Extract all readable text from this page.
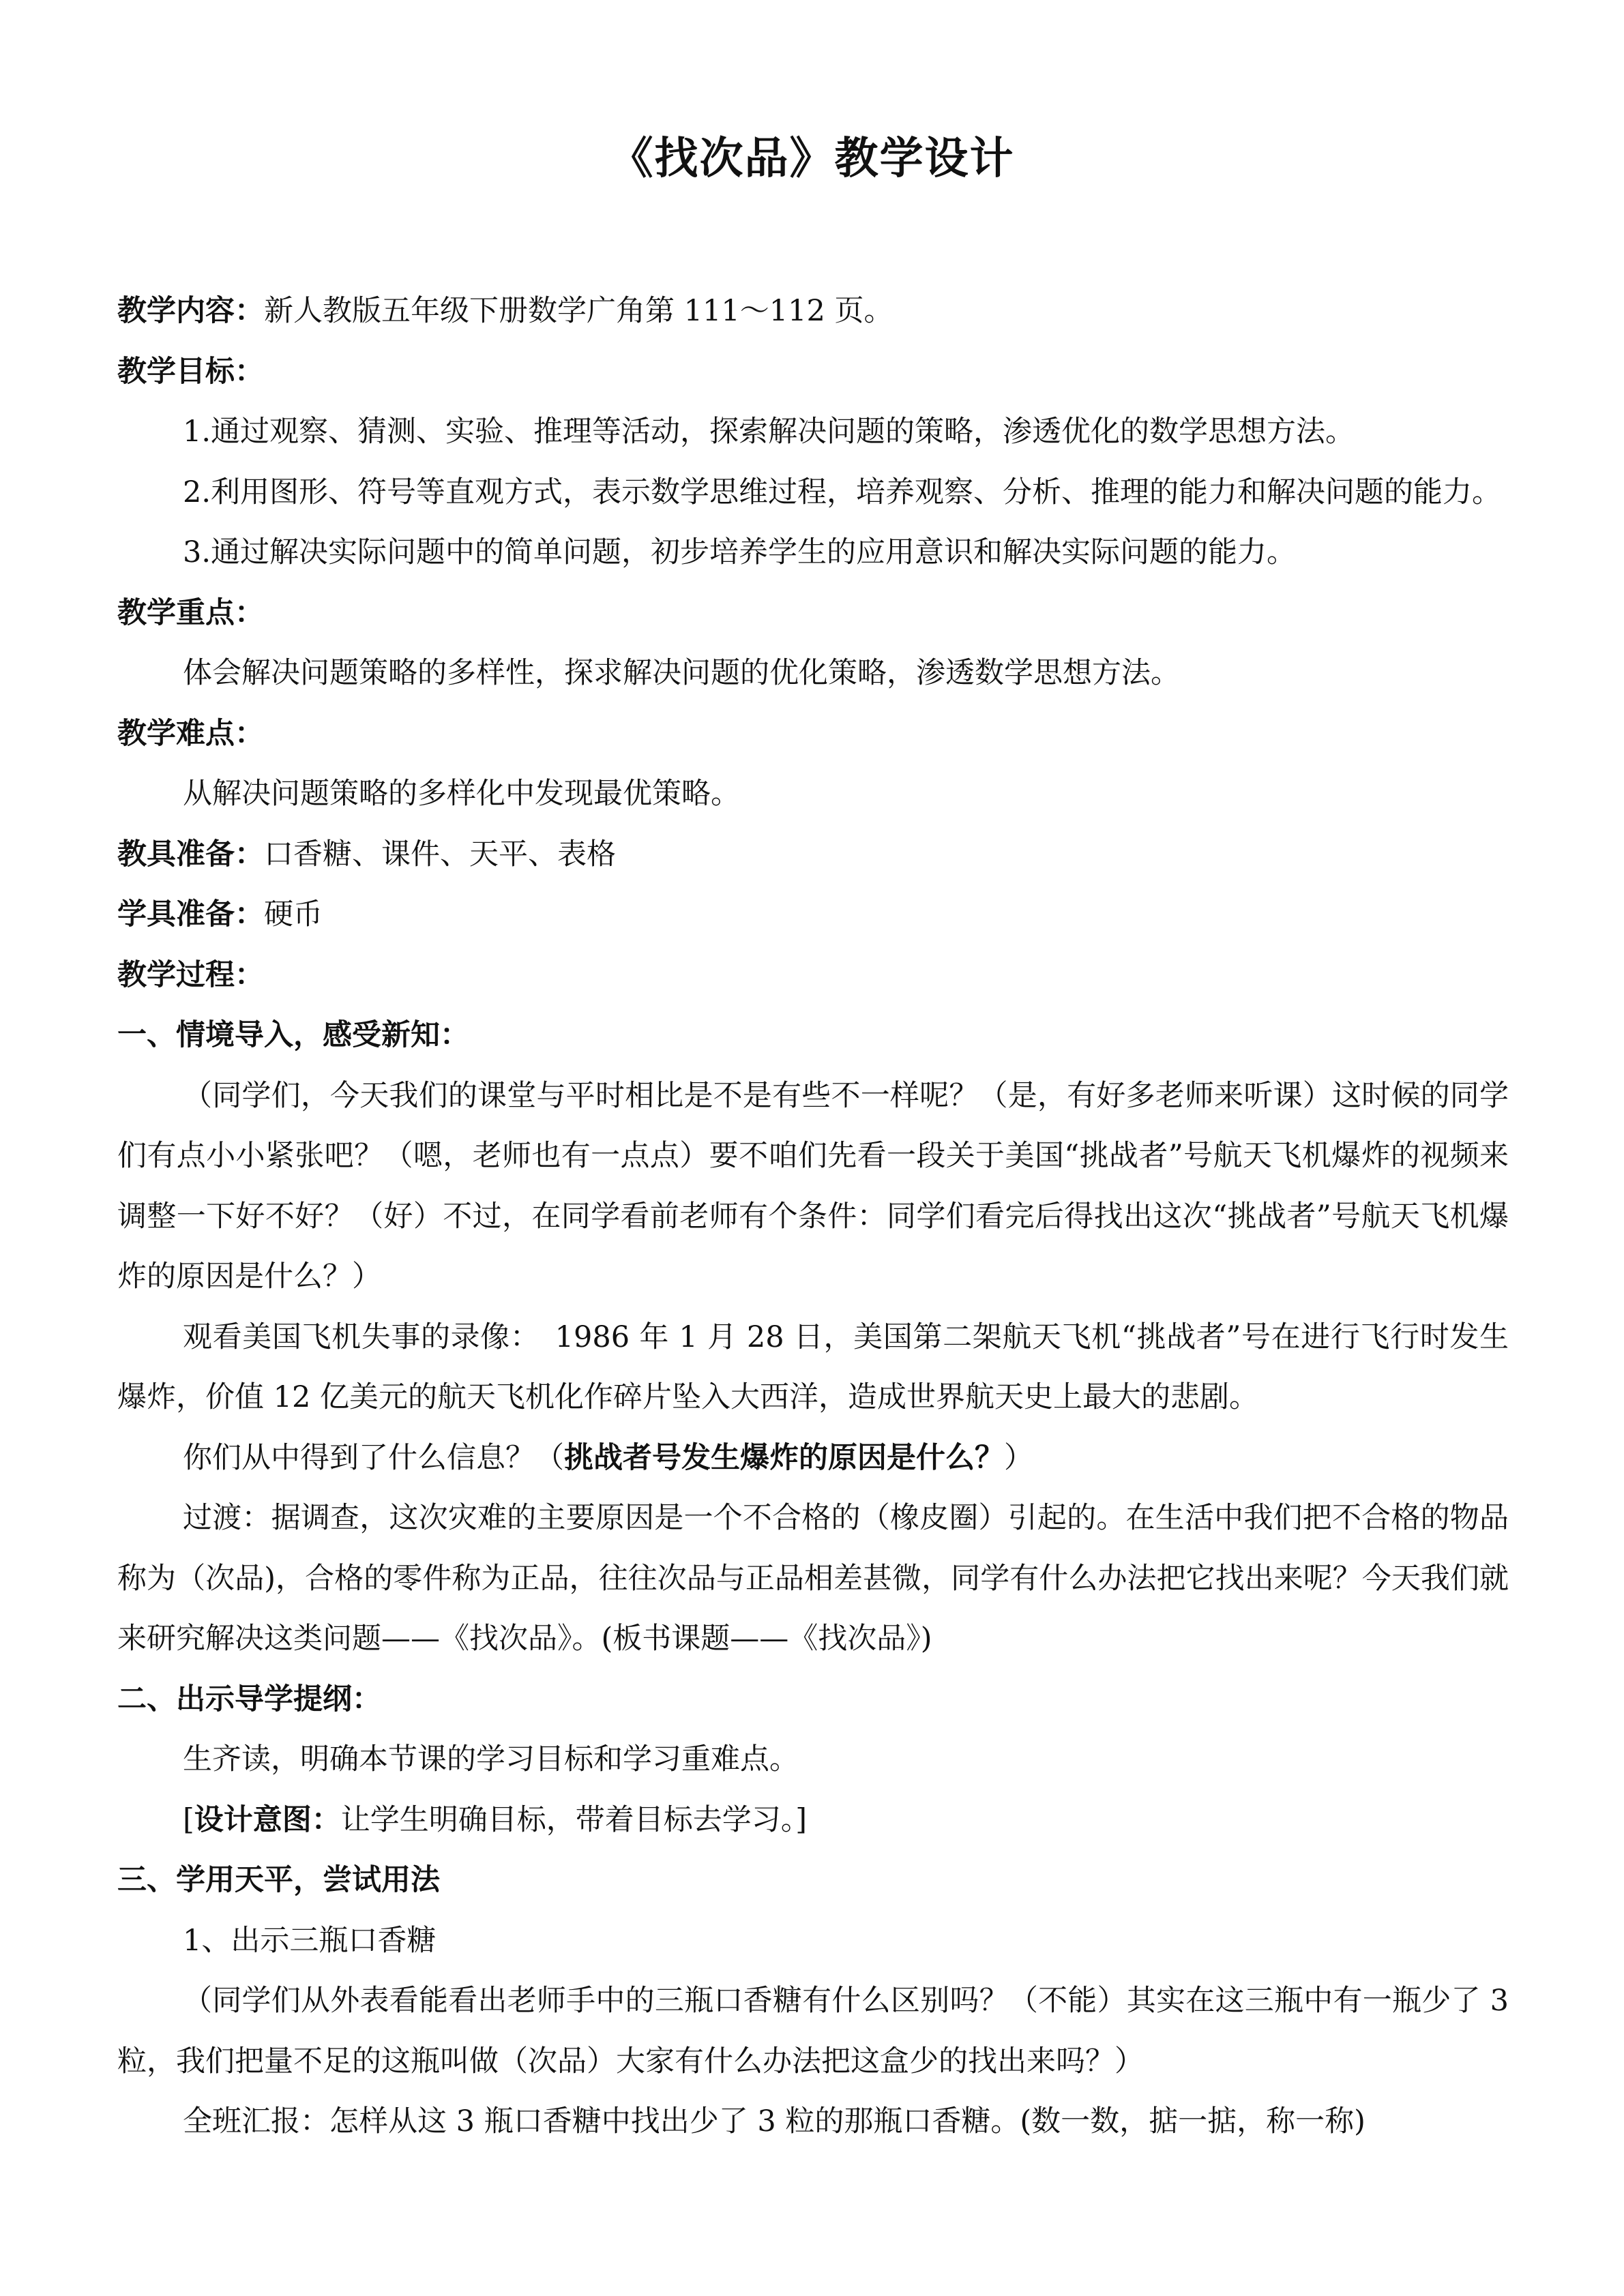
《找次品》教学设计

教学内容：新人教版五年级下册数学广角第 111～112 页。

教学目标：

1.通过观察、猜测、实验、推理等活动，探索解决问题的策略，渗透优化的数学思想方法。

2.利用图形、符号等直观方式，表示数学思维过程，培养观察、分析、推理的能力和解决问题的能力。

3.通过解决实际问题中的简单问题，初步培养学生的应用意识和解决实际问题的能力。

教学重点：

体会解决问题策略的多样性，探求解决问题的优化策略，渗透数学思想方法。

教学难点：

从解决问题策略的多样化中发现最优策略。

教具准备：口香糖、课件、天平、表格

学具准备：硬币

教学过程：

一、情境导入，感受新知：

（同学们，今天我们的课堂与平时相比是不是有些不一样呢？（是，有好多老师来听课）这时候的同学们有点小小紧张吧？（嗯，老师也有一点点）要不咱们先看一段关于美国“挑战者”号航天飞机爆炸的视频来调整一下好不好？（好）不过，在同学看前老师有个条件：同学们看完后得找出这次“挑战者”号航天飞机爆炸的原因是什么？）

观看美国飞机失事的录像：　1986 年 1 月 28 日，美国第二架航天飞机“挑战者”号在进行飞行时发生爆炸，价值 12 亿美元的航天飞机化作碎片坠入大西洋，造成世界航天史上最大的悲剧。

你们从中得到了什么信息？（挑战者号发生爆炸的原因是什么？）

过渡：据调查，这次灾难的主要原因是一个不合格的（橡皮圈）引起的。在生活中我们把不合格的物品称为（次品)，合格的零件称为正品，往往次品与正品相差甚微，同学有什么办法把它找出来呢？今天我们就来研究解决这类问题——《找次品》。(板书课题——《找次品》)

二、出示导学提纲：

生齐读，明确本节课的学习目标和学习重难点。

[设计意图：让学生明确目标，带着目标去学习。]

三、学用天平，尝试用法

1、出示三瓶口香糖

（同学们从外表看能看出老师手中的三瓶口香糖有什么区别吗？（不能）其实在这三瓶中有一瓶少了 3 粒，我们把量不足的这瓶叫做（次品）大家有什么办法把这盒少的找出来吗？）

全班汇报：怎样从这 3 瓶口香糖中找出少了 3 粒的那瓶口香糖。(数一数，掂一掂，称一称)
